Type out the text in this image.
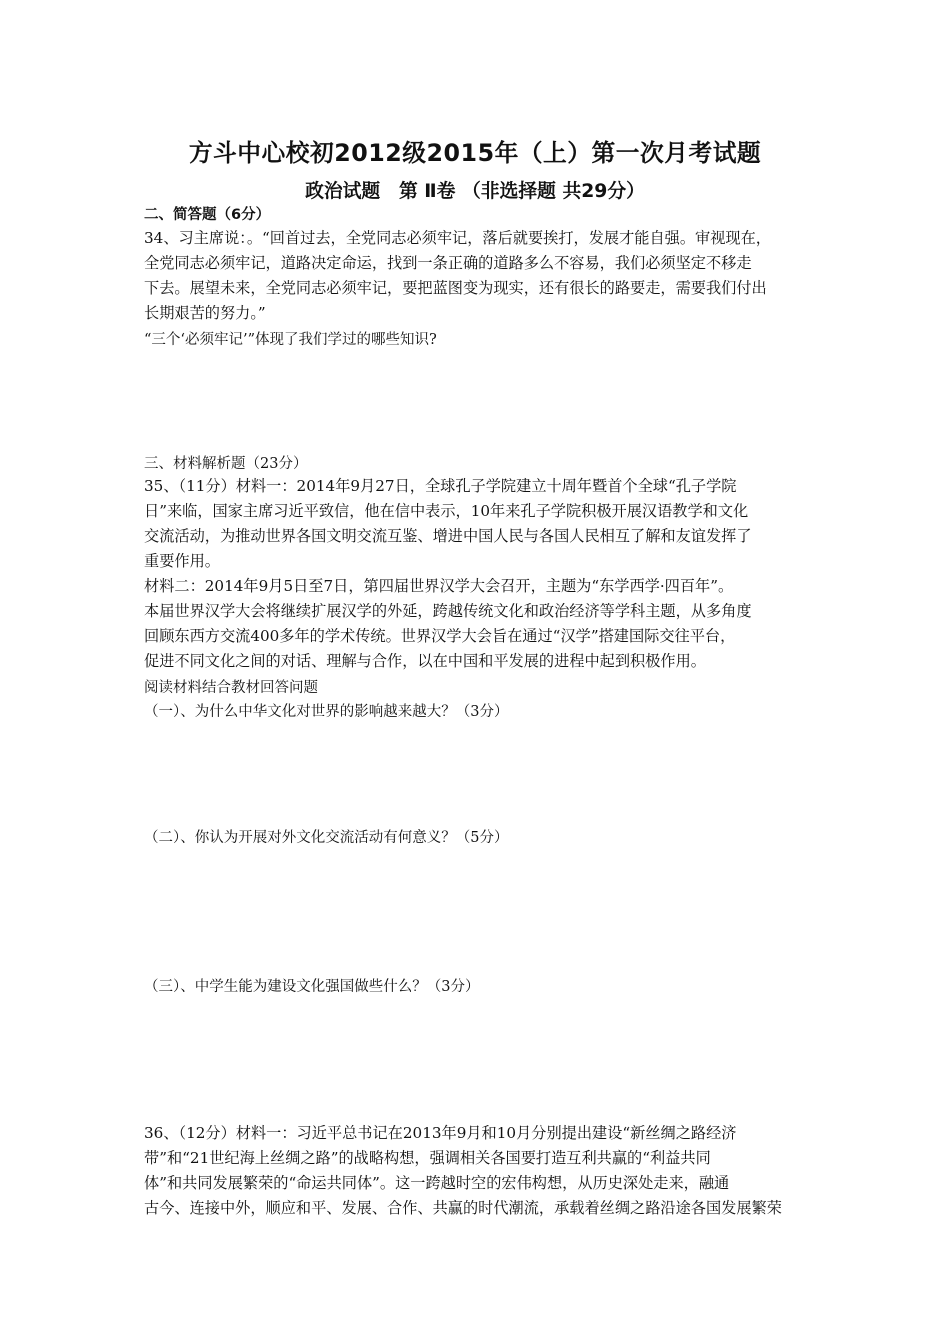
方斗中心校初2012级2015年（上）第一次月考试题
政治试题　第 Ⅱ卷 （非选择题 共29分）
二、简答题（6分）
34、习主席说：。“回首过去，全党同志必须牢记，落后就要挨打，发展才能自强。审视现在，
全党同志必须牢记，道路决定命运，找到一条正确的道路多么不容易，我们必须坚定不移走
下去。展望未来，全党同志必须牢记，要把蓝图变为现实，还有很长的路要走，需要我们付出
长期艰苦的努力。”
“三个‘必须牢记’”体现了我们学过的哪些知识?
三、材料解析题（23分）
35、（11分）材料一：2014年9月27日，全球孔子学院建立十周年暨首个全球“孔子学院
日”来临，国家主席习近平致信，他在信中表示，10年来孔子学院积极开展汉语教学和文化
交流活动，为推动世界各国文明交流互鉴、增进中国人民与各国人民相互了解和友谊发挥了
重要作用。
材料二：2014年9月5日至7日，第四届世界汉学大会召开，主题为“东学西学·四百年”。
本届世界汉学大会将继续扩展汉学的外延，跨越传统文化和政治经济等学科主题，从多角度
回顾东西方交流400多年的学术传统。世界汉学大会旨在通过“汉学”搭建国际交往平台，
促进不同文化之间的对话、理解与合作，以在中国和平发展的进程中起到积极作用。
阅读材料结合教材回答问题
（一）、为什么中华文化对世界的影响越来越大？（3分）
（二）、你认为开展对外文化交流活动有何意义？（5分）
（三）、中学生能为建设文化强国做些什么？（3分）
36、（12分）材料一：习近平总书记在2013年9月和10月分别提出建设“新丝绸之路经济
带”和“21世纪海上丝绸之路”的战略构想，强调相关各国要打造互利共赢的“利益共同
体”和共同发展繁荣的“命运共同体”。这一跨越时空的宏伟构想，从历史深处走来，融通
古今、连接中外，顺应和平、发展、合作、共赢的时代潮流，承载着丝绸之路沿途各国发展繁荣
